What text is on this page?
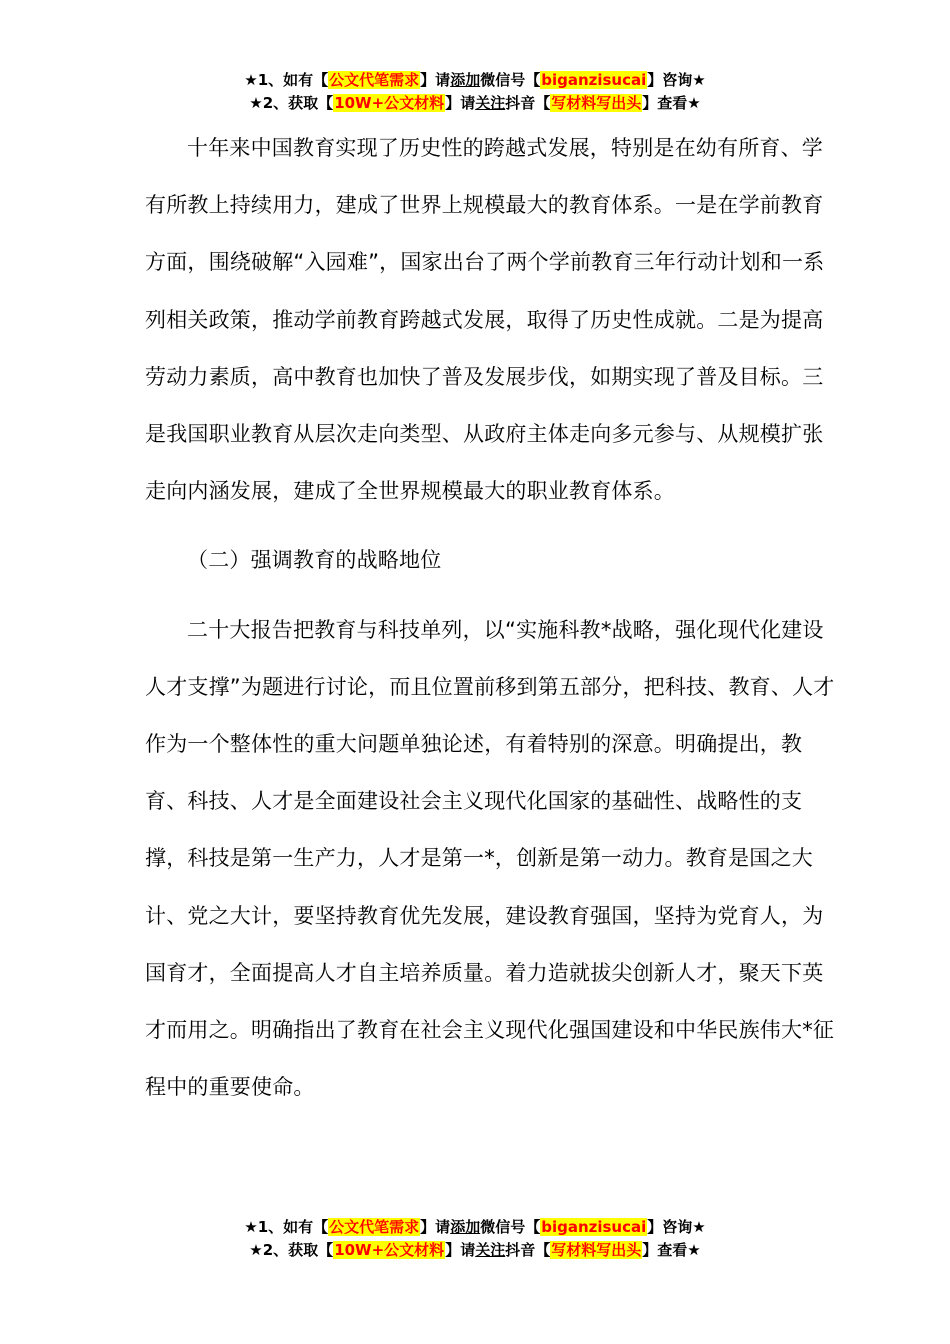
★1、如有【公文代笔需求】请添加微信号【biganzisucai】咨询★
★2、获取【10W+公文材料】请关注抖音【写材料写出头】查看★

十年来中国教育实现了历史性的跨越式发展，特别是在幼有所育、学有所教上持续用力，建成了世界上规模最大的教育体系。一是在学前教育方面，围绕破解“入园难”，国家出台了两个学前教育三年行动计划和一系列相关政策，推动学前教育跨越式发展，取得了历史性成就。二是为提高劳动力素质，高中教育也加快了普及发展步伐，如期实现了普及目标。三是我国职业教育从层次走向类型、从政府主体走向多元参与、从规模扩张走向内涵发展，建成了全世界规模最大的职业教育体系。

（二）强调教育的战略地位

二十大报告把教育与科技单列，以“实施科教*战略，强化现代化建设人才支撑”为题进行讨论，而且位置前移到第五部分，把科技、教育、人才作为一个整体性的重大问题单独论述，有着特别的深意。明确提出，教育、科技、人才是全面建设社会主义现代化国家的基础性、战略性的支撑，科技是第一生产力，人才是第一*，创新是第一动力。教育是国之大计、党之大计，要坚持教育优先发展，建设教育强国，坚持为党育人，为国育才，全面提高人才自主培养质量。着力造就拔尖创新人才，聚天下英才而用之。明确指出了教育在社会主义现代化强国建设和中华民族伟大*征程中的重要使命。

★1、如有【公文代笔需求】请添加微信号【biganzisucai】咨询★
★2、获取【10W+公文材料】请关注抖音【写材料写出头】查看★
